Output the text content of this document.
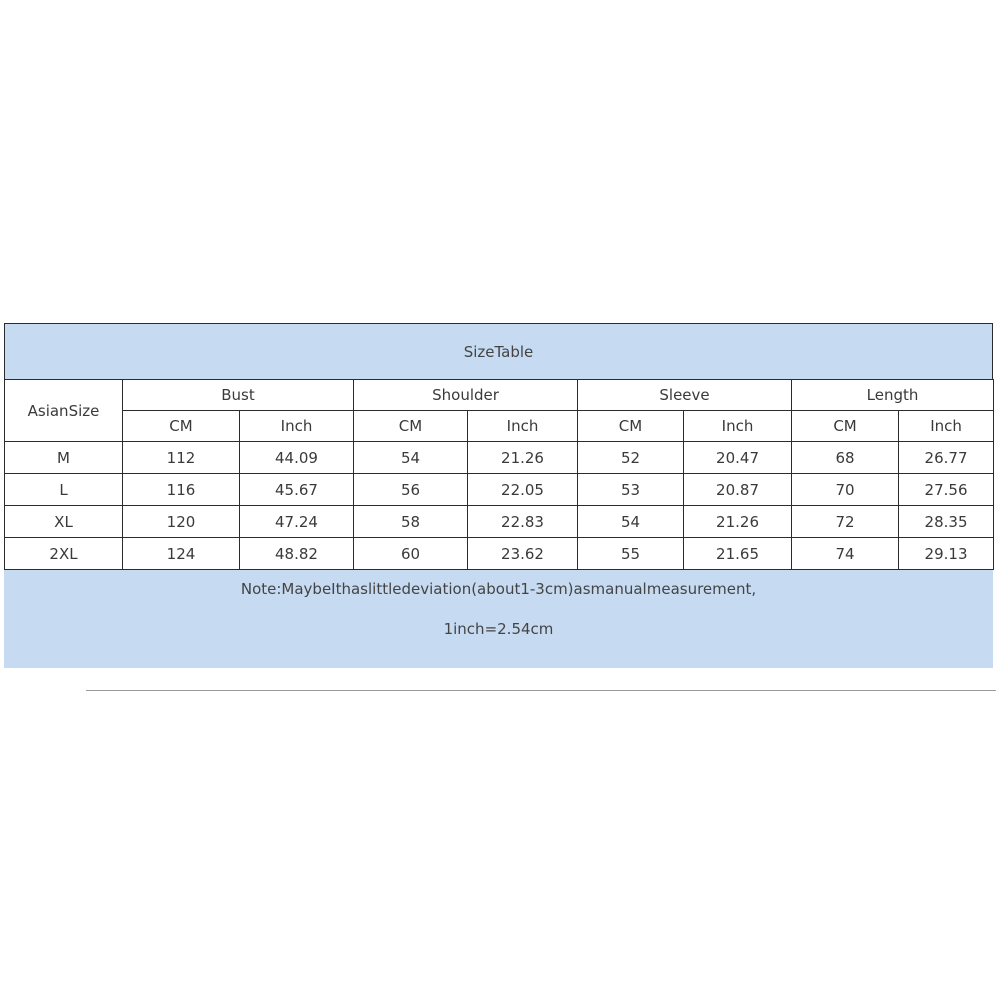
SizeTable
AsianSize	Bust		Shoulder		Sleeve		Length	
	CM	Inch	CM	Inch	CM	Inch	CM	Inch
M	112	44.09	54	21.26	52	20.47	68	26.77
L	116	45.67	56	22.05	53	20.87	70	27.56
XL	120	47.24	58	22.83	54	21.26	72	28.35
2XL	124	48.82	60	23.62	55	21.65	74	29.13
Note:MaybeIthaslittledeviation(about1-3cm)asmanualmeasurement,
1inch=2.54cm
